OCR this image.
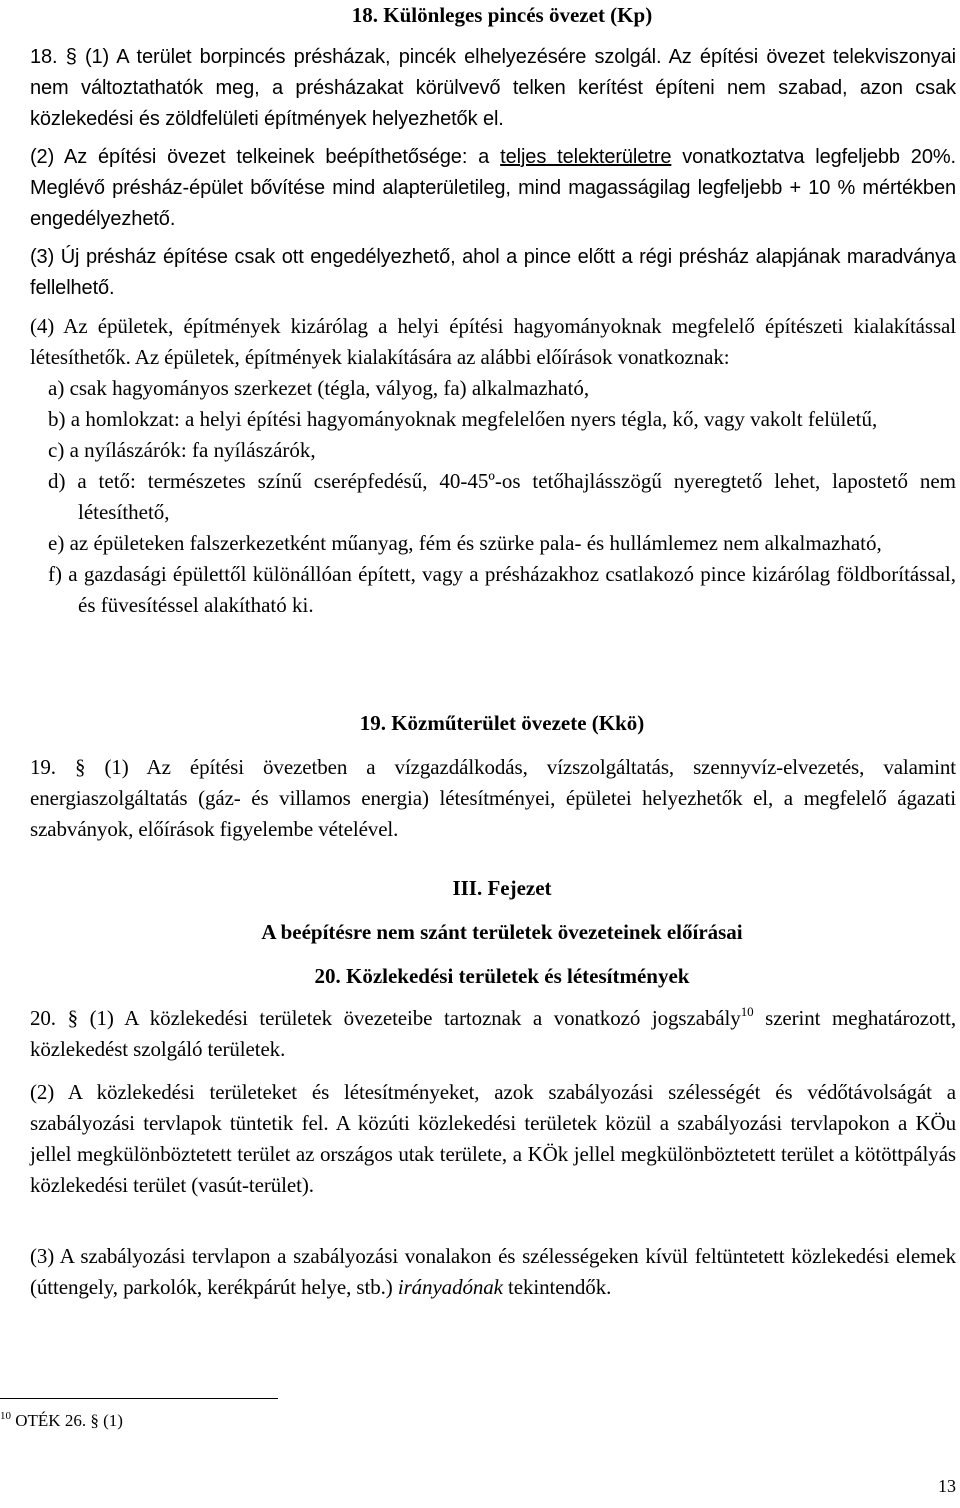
18. Különleges pincés övezet (Kp)

18. § (1) A terület borpincés présházak, pincék elhelyezésére szolgál. Az építési övezet telekviszonyai nem változtathatók meg, a présházakat körülvevő telken kerítést építeni nem szabad, azon csak közlekedési és zöldfelületi építmények helyezhetők el.

(2) Az építési övezet telkeinek beépíthetősége: a teljes telekterületre vonatkoztatva legfeljebb 20%. Meglévő présház-épület bővítése mind alapterületileg, mind magasságilag legfeljebb + 10 % mértékben engedélyezhető.

(3) Új présház építése csak ott engedélyezhető, ahol a pince előtt a régi présház alapjának maradványa fellelhető.

(4) Az épületek, építmények kizárólag a helyi építési hagyományoknak megfelelő építészeti kialakítással létesíthetők. Az épületek, építmények kialakítására az alábbi előírások vonatkoznak:

a) csak hagyományos szerkezet (tégla, vályog, fa) alkalmazható,

b) a homlokzat: a helyi építési hagyományoknak megfelelően nyers tégla, kő, vagy vakolt felületű,

c) a nyílászárók: fa nyílászárók,

d) a tető: természetes színű cserépfedésű, 40-45º-os tetőhajlásszögű nyeregtető lehet, lapostető nem létesíthető,

e) az épületeken falszerkezetként műanyag, fém és szürke pala- és hullámlemez nem alkalmazható,

f) a gazdasági épülettől különállóan épített, vagy a présházakhoz csatlakozó pince kizárólag földborítással, és füvesítéssel alakítható ki.

19. Közműterület övezete (Kkö)

19. § (1) Az építési övezetben a vízgazdálkodás, vízszolgáltatás, szennyvíz-elvezetés, valamint energiaszolgáltatás (gáz- és villamos energia) létesítményei, épületei helyezhetők el, a megfelelő ágazati szabványok, előírások figyelembe vételével.

III. Fejezet
A beépítésre nem szánt területek övezeteinek előírásai
20. Közlekedési területek és létesítmények

20. § (1) A közlekedési területek övezeteibe tartoznak a vonatkozó jogszabály$^{10}$ szerint meghatározott, közlekedést szolgáló területek.

(2) A közlekedési területeket és létesítményeket, azok szabályozási szélességét és védőtávolságát a szabályozási tervlapok tüntetik fel. A közúti közlekedési területek közül a szabályozási tervlapokon a KÖu jellel megkülönböztetett terület az országos utak területe, a KÖk jellel megkülönböztetett terület a kötöttpályás közlekedési terület (vasút-terület).

(3) A szabályozási tervlapon a szabályozási vonalakon és szélességeken kívül feltüntetett közlekedési elemek (úttengely, parkolók, kerékpárút helye, stb.) irányadónak tekintendők.

$^{10}$ OTÉK 26. § (1)
13
